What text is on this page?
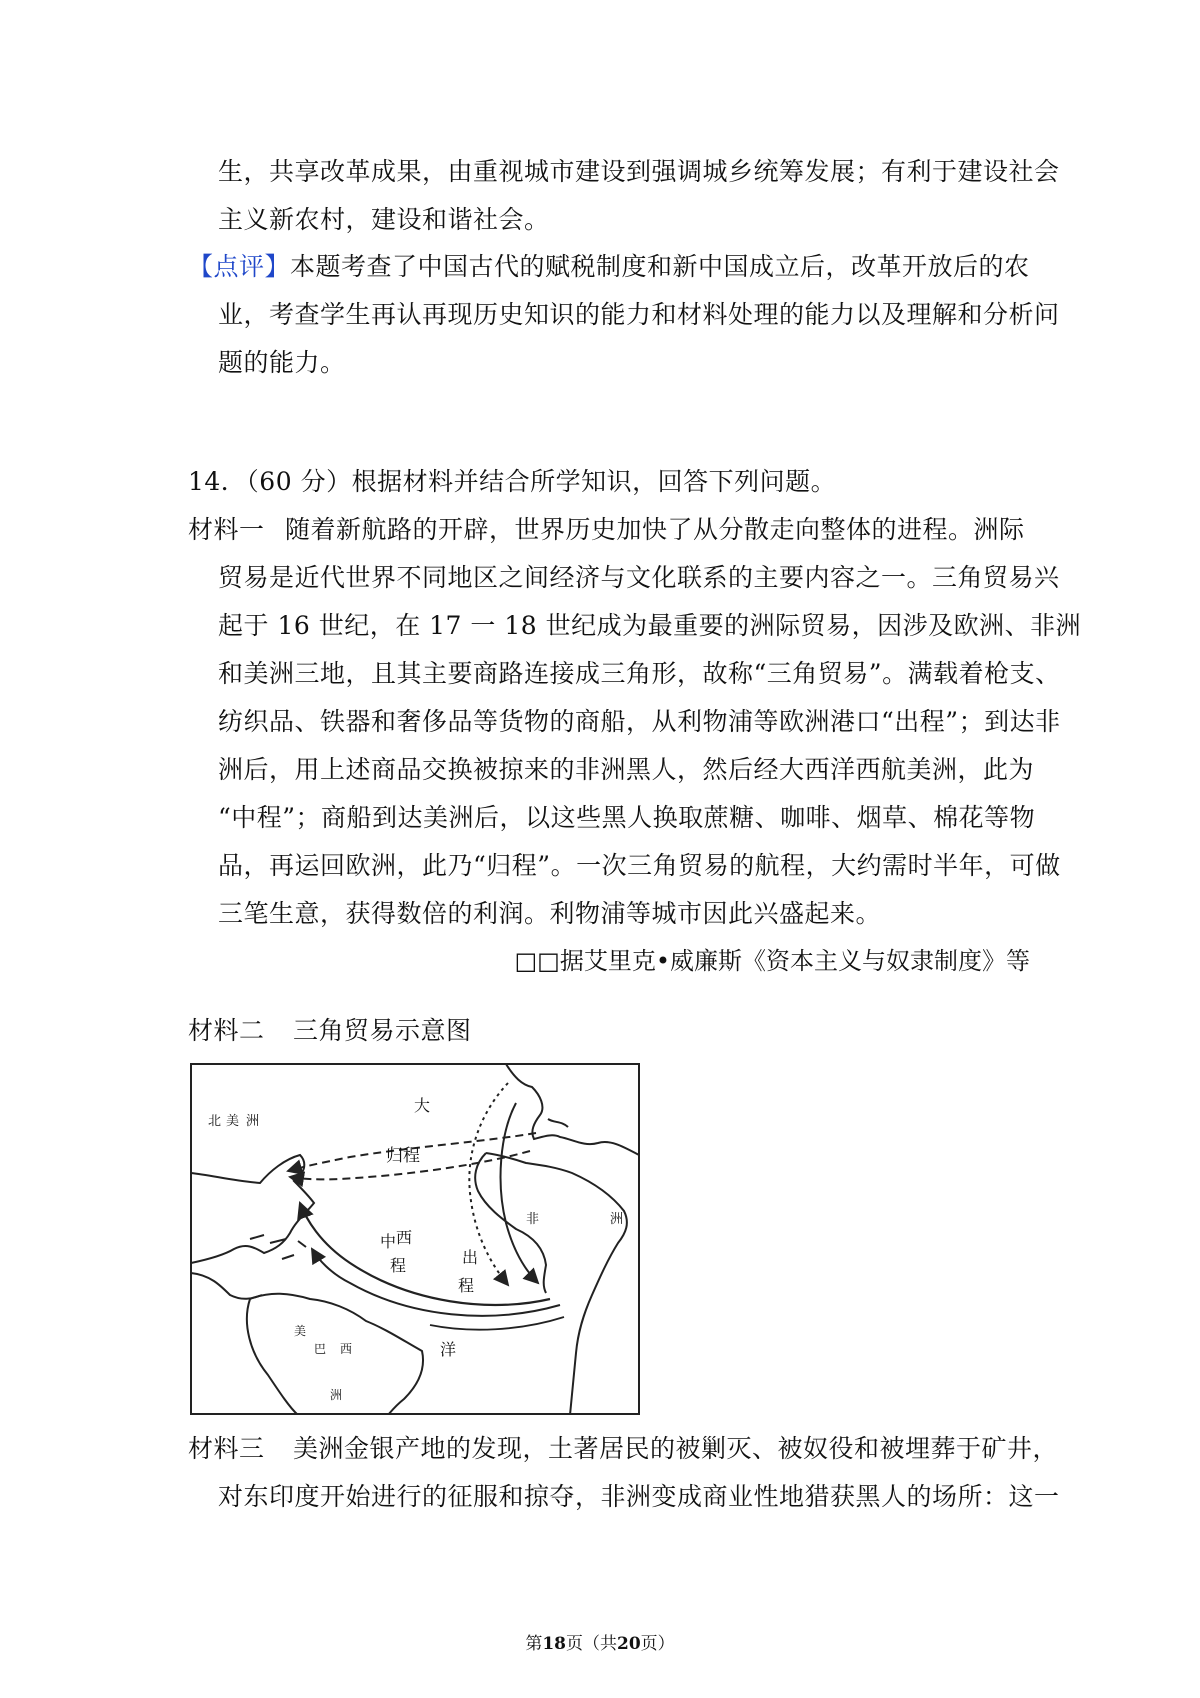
生，共享改革成果，由重视城市建设到强调城乡统筹发展；有利于建设社会
主义新农村，建设和谐社会。
【点评】本题考查了中国古代的赋税制度和新中国成立后，改革开放后的农
业，考查学生再认再现历史知识的能力和材料处理的能力以及理解和分析问
题的能力。
14．（60 分）根据材料并结合所学知识，回答下列问题。
材料一 随着新航路的开辟，世界历史加快了从分散走向整体的进程。洲际
贸易是近代世界不同地区之间经济与文化联系的主要内容之一。三角贸易兴
起于 16 世纪，在 17 一 18 世纪成为最重要的洲际贸易，因涉及欧洲、非洲
和美洲三地，且其主要商路连接成三角形，故称“三角贸易”。满载着枪支、
纺织品、铁器和奢侈品等货物的商船，从利物浦等欧洲港口“出程”；到达非
洲后，用上述商品交换被掠来的非洲黑人，然后经大西洋西航美洲，此为
“中程”；商船到达美洲后，以这些黑人换取蔗糖、咖啡、烟草、棉花等物
品，再运回欧洲，此乃“归程”。一次三角贸易的航程，大约需时半年，可做
三笔生意，获得数倍的利润。利物浦等城市因此兴盛起来。
□□据艾里克•威廉斯《资本主义与奴隶制度》等
材料二 三角贸易示意图
北 美 洲
大
西
洋
归程
中
程	出
程
非	洲
美
巴 西
洲
材料三 美洲金银产地的发现，土著居民的被剿灭、被奴役和被埋葬于矿井，
对东印度开始进行的征服和掠夺，非洲变成商业性地猎获黑人的场所：这一
第18页（共20页）
